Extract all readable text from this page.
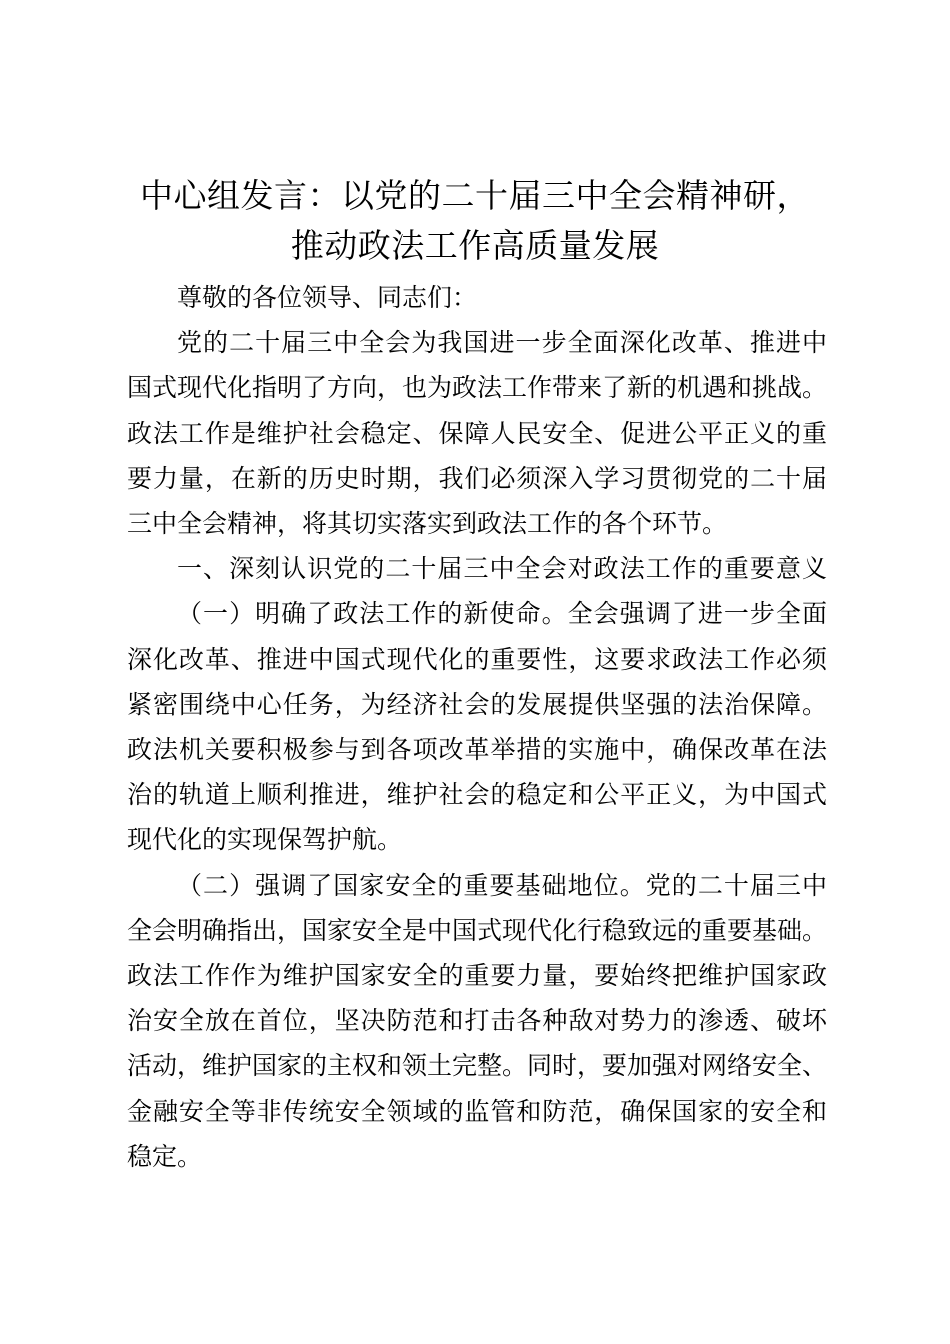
中心组发言：以党的二十届三中全会精神研，
推动政法工作高质量发展

尊敬的各位领导、同志们：

党的二十届三中全会为我国进一步全面深化改革、推进中

国式现代化指明了方向，也为政法工作带来了新的机遇和挑战。

政法工作是维护社会稳定、保障人民安全、促进公平正义的重

要力量，在新的历史时期，我们必须深入学习贯彻党的二十届

三中全会精神，将其切实落实到政法工作的各个环节。

一、深刻认识党的二十届三中全会对政法工作的重要意义

（一）明确了政法工作的新使命。全会强调了进一步全面

深化改革、推进中国式现代化的重要性，这要求政法工作必须

紧密围绕中心任务，为经济社会的发展提供坚强的法治保障。

政法机关要积极参与到各项改革举措的实施中，确保改革在法

治的轨道上顺利推进，维护社会的稳定和公平正义，为中国式

现代化的实现保驾护航。

（二）强调了国家安全的重要基础地位。党的二十届三中

全会明确指出，国家安全是中国式现代化行稳致远的重要基础。

政法工作作为维护国家安全的重要力量，要始终把维护国家政

治安全放在首位，坚决防范和打击各种敌对势力的渗透、破坏

活动，维护国家的主权和领土完整。同时，要加强对网络安全、

金融安全等非传统安全领域的监管和防范，确保国家的安全和

稳定。
